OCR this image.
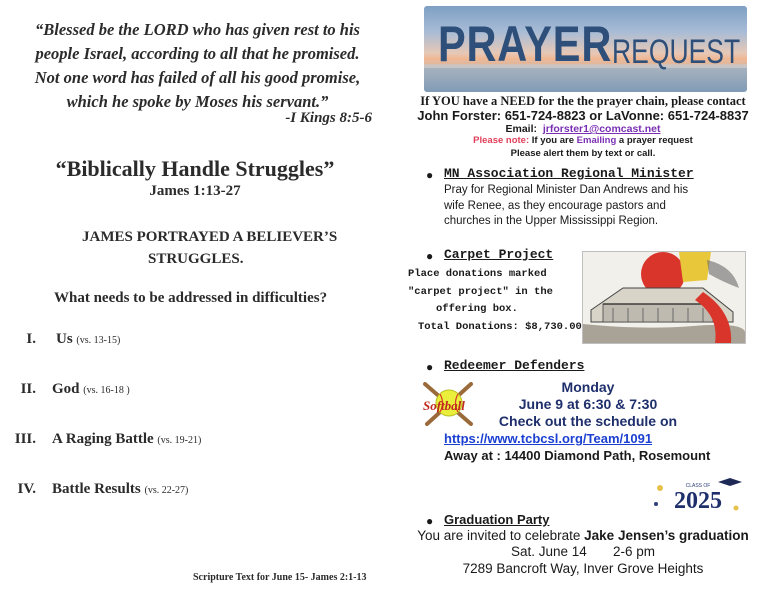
“Blessed be the LORD who has given rest to his
people Israel, according to all that he promised.
Not one word has failed of all his good promise,
which he spoke by Moses his servant.”
-I Kings 8:5-6
“Biblically Handle Struggles”
James 1:13-27
JAMES PORTRAYED A BELIEVER’S
STRUGGLES.
What needs to be addressed in difficulties?
I. Us (vs. 13-15)
II. God (vs. 16-18 )
III. A Raging Battle (vs. 19-21)
IV. Battle Results (vs. 22-27)
Scripture Text for June 15- James 2:1-13
PRAYER REQUEST
If YOU have a NEED for the the prayer chain, please contact
John Forster: 651-724-8823 or LaVonne: 651-724-8837
Email: jrforster1@comcast.net
Please note: If you are Emailing a prayer request
Please alert them by text or call.
● MN Association Regional Minister
Pray for Regional Minister Dan Andrews and his
wife Renee, as they encourage pastors and
churches in the Upper Mississippi Region.
● Carpet Project
Place donations marked
"carpet project" in the
offering box.
Total Donations: $8,730.00
● Redeemer Defenders
Softball
Monday
June 9 at 6:30 & 7:30
Check out the schedule on
https://www.tcbcsl.org/Team/1091
Away at : 14400 Diamond Path, Rosemount
CLASS OF
2025
● Graduation Party
You are invited to celebrate Jake Jensen’s graduation
Sat. June 14       2-6 pm
7289 Bancroft Way, Inver Grove Heights
